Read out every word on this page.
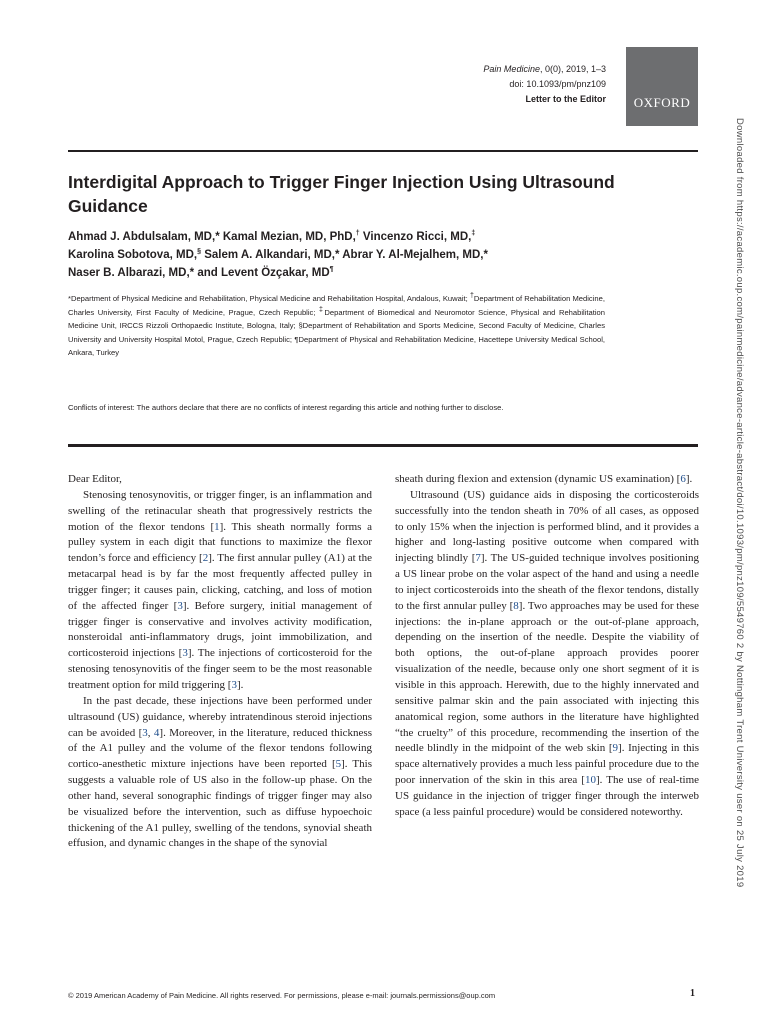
Pain Medicine, 0(0), 2019, 1–3
doi: 10.1093/pm/pnz109
Letter to the Editor OXFORD
Interdigital Approach to Trigger Finger Injection Using Ultrasound Guidance
Ahmad J. Abdulsalam, MD,* Kamal Mezian, MD, PhD,† Vincenzo Ricci, MD,‡
Karolina Sobotova, MD,§ Salem A. Alkandari, MD,* Abrar Y. Al-Mejalhem, MD,*
Naser B. Albarazi, MD,* and Levent Özçakar, MD¶
*Department of Physical Medicine and Rehabilitation, Physical Medicine and Rehabilitation Hospital, Andalous, Kuwait; †Department of Rehabilitation Medicine, Charles University, First Faculty of Medicine, Prague, Czech Republic; ‡Department of Biomedical and Neuromotor Science, Physical and Rehabilitation Medicine Unit, IRCCS Rizzoli Orthopaedic Institute, Bologna, Italy; §Department of Rehabilitation and Sports Medicine, Second Faculty of Medicine, Charles University and University Hospital Motol, Prague, Czech Republic; ¶Department of Physical and Rehabilitation Medicine, Hacettepe University Medical School, Ankara, Turkey
Conflicts of interest: The authors declare that there are no conflicts of interest regarding this article and nothing further to disclose.

Dear Editor,

Stenosing tenosynovitis, or trigger finger, is an inflammation and swelling of the retinacular sheath that progressively restricts the motion of the flexor tendons [1]. This sheath normally forms a pulley system in each digit that functions to maximize the flexor tendon’s force and efficiency [2]. The first annular pulley (A1) at the metacarpal head is by far the most frequently affected pulley in trigger finger; it causes pain, clicking, catching, and loss of motion of the affected finger [3]. Before surgery, initial management of trigger finger is conservative and involves activity modification, nonsteroidal anti-inflammatory drugs, joint immobilization, and corticosteroid injections [3]. The injections of corticosteroid for the stenosing tenosynovitis of the finger seem to be the most reasonable treatment option for mild triggering [3].

In the past decade, these injections have been performed under ultrasound (US) guidance, whereby intratendinous steroid injections can be avoided [3, 4]. Moreover, in the literature, reduced thickness of the A1 pulley and the volume of the flexor tendons following cortico-anesthetic mixture injections have been reported [5]. This suggests a valuable role of US also in the follow-up phase. On the other hand, several sonographic findings of trigger finger may also be visualized before the intervention, such as diffuse hypoechoic thickening of the A1 pulley, swelling of the tendons, synovial sheath effusion, and dynamic changes in the shape of the synovial

sheath during flexion and extension (dynamic US examination) [6].

Ultrasound (US) guidance aids in disposing the corticosteroids successfully into the tendon sheath in 70% of all cases, as opposed to only 15% when the injection is performed blind, and it provides a higher and long-lasting positive outcome when compared with injecting blindly [7]. The US-guided technique involves positioning a US linear probe on the volar aspect of the hand and using a needle to inject corticosteroids into the sheath of the flexor tendons, distally to the first annular pulley [8]. Two approaches may be used for these injections: the in-plane approach or the out-of-plane approach, depending on the insertion of the needle. Despite the viability of both options, the out-of-plane approach provides poorer visualization of the needle, because only one short segment of it is visible in this approach. Herewith, due to the highly innervated and sensitive palmar skin and the pain associated with injecting this anatomical region, some authors in the literature have highlighted “the cruelty” of this procedure, recommending the insertion of the needle blindly in the midpoint of the web skin [9]. Injecting in this space alternatively provides a much less painful procedure due to the poor innervation of the skin in this area [10]. The use of real-time US guidance in the injection of trigger finger through the interweb space (a less painful procedure) would be considered noteworthy.	Downloaded from https://academic.oup.com/painmedicine/advance-article-abstract/doi/10.1093/pm/pnz109/5549760 2 by Nottingham Trent University user on 25 July 2019
© 2019 American Academy of Pain Medicine. All rights reserved. For permissions, please e-mail: journals.permissions@oup.com	1
